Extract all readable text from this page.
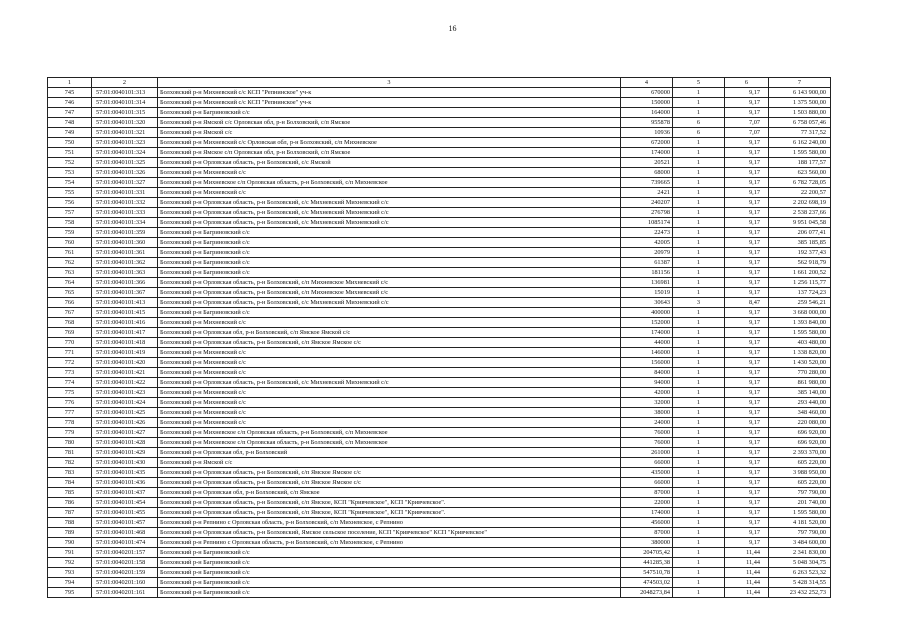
16
1	2	3	4	5	6	7
745	57:01:0040101:313	Болховский р-н Михневский с/с КСП "Репнинское" уч-к	670000	1	9,17	6 143 900,00
746	57:01:0040101:314	Болховский р-н Михневский с/с КСП "Репнинское" уч-к	150000	1	9,17	1 375 500,00
747	57:01:0040101:315	Болховский р-н Багриновский с/с	164000	1	9,17	1 503 880,00
748	57:01:0040101:320	Болховский р-н Ямской с/с Орловская обл, р-н Болховский, с/п Ямское	955878	6	7,07	6 758 057,46
749	57:01:0040101:321	Болховский р-н Ямской с/с	10936	6	7,07	77 317,52
750	57:01:0040101:323	Болховский р-н Михневский с/с Орловская обл, р-н Болховский, с/п Михневское	672000	1	9,17	6 162 240,00
751	57:01:0040101:324	Болховский р-н Ямское с/п Орловская обл, р-н Болховский, с/п Ямское	174000	1	9,17	1 595 580,00
752	57:01:0040101:325	Болховский р-н Орловская область, р-н Болховский, с/с Ямской	20521	1	9,17	188 177,57
753	57:01:0040101:326	Болховский р-н Михневский с/с	68000	1	9,17	623 560,00
754	57:01:0040101:327	Болховский р-н Михневское с/п Орловская область, р-н Болховский, с/п Михневское	739665	1	9,17	6 782 728,05
755	57:01:0040101:331	Болховский р-н Михневский с/с	2421	1	9,17	22 200,57
756	57:01:0040101:332	Болховский р-н Орловская область, р-н Болховский, с/с Михневский Михневский с/с	240207	1	9,17	2 202 698,19
757	57:01:0040101:333	Болховский р-н Орловская область, р-н Болховский, с/с Михневский Михневский с/с	276798	1	9,17	2 538 237,66
758	57:01:0040101:334	Болховский р-н Орловская область, р-н Болховский, с/с Михневский Михневский с/с	1085174	1	9,17	9 951 045,58
759	57:01:0040101:359	Болховский р-н Багриновский с/с	22473	1	9,17	206 077,41
760	57:01:0040101:360	Болховский р-н Багриновский с/с	42005	1	9,17	385 185,85
761	57:01:0040101:361	Болховский р-н Багриновский с/с	20979	1	9,17	192 377,43
762	57:01:0040101:362	Болховский р-н Багриновский с/с	61387	1	9,17	562 918,79
763	57:01:0040101:363	Болховский р-н Багриновский с/с	181156	1	9,17	1 661 200,52
764	57:01:0040101:366	Болховский р-н Орловская область, р-н Болховский, с/п Михневское Михневский с/с	136981	1	9,17	1 256 115,77
765	57:01:0040101:367	Болховский р-н Орловская область, р-н Болховский, с/п Михневское Михневский с/с	15019	1	9,17	137 724,23
766	57:01:0040101:413	Болховский р-н Орловская область, р-н Болховский, с/с Михневский Михневский с/с	30643	3	8,47	259 546,21
767	57:01:0040101:415	Болховский р-н Багриновский с/с	400000	1	9,17	3 668 000,00
768	57:01:0040101:416	Болховский р-н Михневский с/с	152000	1	9,17	1 393 840,00
769	57:01:0040101:417	Болховский р-н Орловская обл, р-н Болховский, с/п Ямское Ямской с/с	174000	1	9,17	1 595 580,00
770	57:01:0040101:418	Болховский р-н Орловская область, р-н Болховский, с/п Ямское Ямское с/с	44000	1	9,17	403 480,00
771	57:01:0040101:419	Болховский р-н Михневский с/с	146000	1	9,17	1 338 820,00
772	57:01:0040101:420	Болховский р-н Михневский с/с	156000	1	9,17	1 430 520,00
773	57:01:0040101:421	Болховский р-н Михневский с/с	84000	1	9,17	770 280,00
774	57:01:0040101:422	Болховский р-н Орловская область, р-н Болховский, с/с Михневский Михневский с/с	94000	1	9,17	861 980,00
775	57:01:0040101:423	Болховский р-н Михневский с/с	42000	1	9,17	385 140,00
776	57:01:0040101:424	Болховский р-н Михневский с/с	32000	1	9,17	293 440,00
777	57:01:0040101:425	Болховский р-н Михневский с/с	38000	1	9,17	348 460,00
778	57:01:0040101:426	Болховский р-н Михневский с/с	24000	1	9,17	220 080,00
779	57:01:0040101:427	Болховский р-н Михневское с/п Орловская область, р-н Болховский, с/п Михневское	76000	1	9,17	696 920,00
780	57:01:0040101:428	Болховский р-н Михневское с/п Орловская область, р-н Болховский, с/п Михневское	76000	1	9,17	696 920,00
781	57:01:0040101:429	Болховский р-н Орловская обл, р-н Болховский	261000	1	9,17	2 393 370,00
782	57:01:0040101:430	Болховский р-н Ямской с/с	66000	1	9,17	605 220,00
783	57:01:0040101:435	Болховский р-н Орловская область, р-н Болховский, с/п Ямское Ямское с/с	435000	1	9,17	3 988 950,00
784	57:01:0040101:436	Болховский р-н Орловская область, р-н Болховский, с/п Ямское Ямское с/с	66000	1	9,17	605 220,00
785	57:01:0040101:437	Болховский р-н Орловская обл, р-н Болховский, с/п Ямское	87000	1	9,17	797 790,00
786	57:01:0040101:454	Болховский р-н Орловская область, р-н Болховский, с/п Ямское, КСП "Кривчевское", КСП "Кривчевское".	22000	1	9,17	201 740,00
787	57:01:0040101:455	Болховский р-н Орловская область, р-н Болховский, с/п Ямское, КСП "Кривчевское", КСП "Кривчевское".	174000	1	9,17	1 595 580,00
788	57:01:0040101:457	Болховский р-н Репнино с Орловская область, р-н Болховский, с/п Михневское, с Репнино	456000	1	9,17	4 181 520,00
789	57:01:0040101:468	Болховский р-н Орловская область, р-н Болховский, Ямское сельское поселение, КСП "Кривчевское" КСП "Кривчевское"	87000	1	9,17	797 790,00
790	57:01:0040101:474	Болховский р-н Репнино с Орловская область, р-н Болховский, с/п Михневское, с Репнино	380000	1	9,17	3 484 600,00
791	57:01:0040201:157	Болховский р-н Багриновский с/с	204705,42	1	11,44	2 341 830,00
792	57:01:0040201:158	Болховский р-н Багриновский с/с	441285,38	1	11,44	5 048 304,75
793	57:01:0040201:159	Болховский р-н Багриновский с/с	547510,78	1	11,44	6 263 523,32
794	57:01:0040201:160	Болховский р-н Багриновский с/с	474503,02	1	11,44	5 428 314,55
795	57:01:0040201:161	Болховский р-н Багриновский с/с	2048273,84	1	11,44	23 432 252,73
